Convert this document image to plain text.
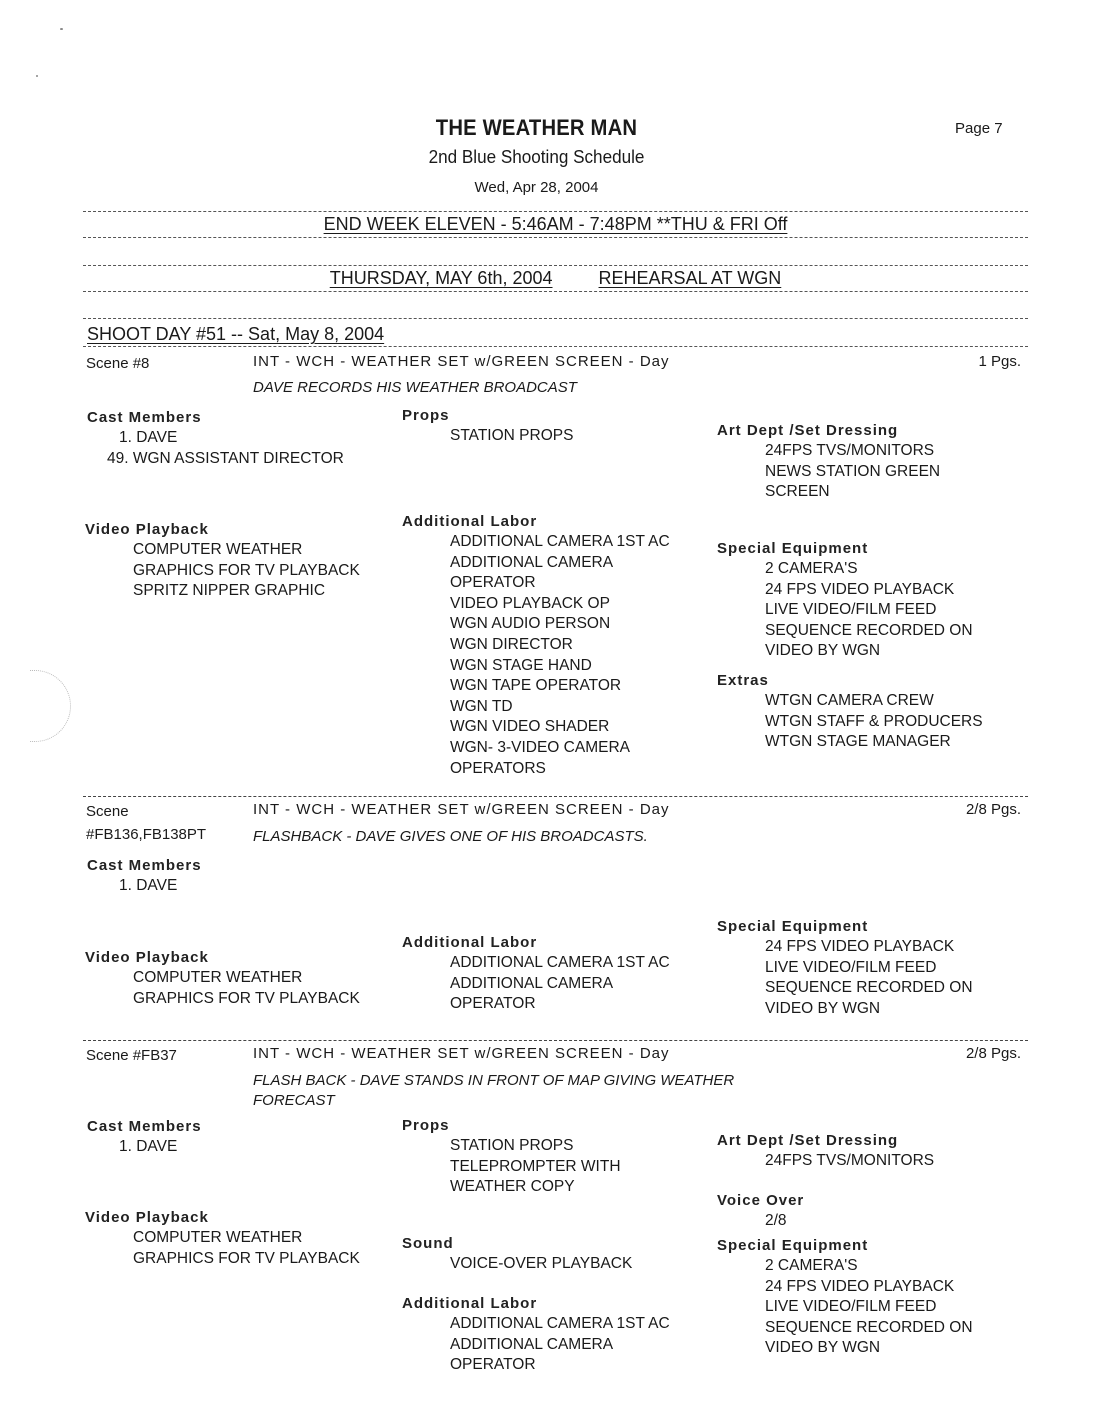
THE WEATHER MAN
2nd Blue Shooting Schedule
Wed, Apr 28, 2004
Page 7
END WEEK ELEVEN - 5:46AM - 7:48PM **THU & FRI Off
THURSDAY, MAY 6th, 2004	REHEARSAL AT WGN
SHOOT DAY #51 -- Sat, May 8, 2004
Scene #8	INT - WCH - WEATHER SET w/GREEN SCREEN - Day	1 Pgs.
DAVE RECORDS HIS WEATHER BROADCAST
Cast Members
1. DAVE
49. WGN ASSISTANT DIRECTOR
Props
STATION PROPS	Art Dept /Set Dressing
24FPS TVS/MONITORS
NEWS STATION GREEN
SCREEN
Video Playback
COMPUTER WEATHER
GRAPHICS FOR TV PLAYBACK
SPRITZ NIPPER GRAPHIC
Additional Labor
ADDITIONAL CAMERA 1ST AC
ADDITIONAL CAMERA
OPERATOR
VIDEO PLAYBACK OP
WGN AUDIO PERSON
WGN DIRECTOR
WGN STAGE HAND
WGN TAPE OPERATOR
WGN TD
WGN VIDEO SHADER
WGN- 3-VIDEO CAMERA
OPERATORS
Special Equipment
2 CAMERA'S
24 FPS VIDEO PLAYBACK
LIVE VIDEO/FILM FEED
SEQUENCE RECORDED ON
VIDEO BY WGN
Extras
WTGN CAMERA CREW
WTGN STAFF & PRODUCERS
WTGN STAGE MANAGER
Scene
#FB136,FB138PT
INT - WCH - WEATHER SET w/GREEN SCREEN - Day	2/8 Pgs.
FLASHBACK - DAVE GIVES ONE OF HIS BROADCASTS.
Cast Members
1. DAVE
Video Playback
COMPUTER WEATHER
GRAPHICS FOR TV PLAYBACK
Additional Labor
ADDITIONAL CAMERA 1ST AC
ADDITIONAL CAMERA
OPERATOR
Special Equipment
24 FPS VIDEO PLAYBACK
LIVE VIDEO/FILM FEED
SEQUENCE RECORDED ON
VIDEO BY WGN
Scene #FB37	INT - WCH - WEATHER SET w/GREEN SCREEN - Day	2/8 Pgs.
FLASH BACK - DAVE STANDS IN FRONT OF MAP GIVING WEATHER FORECAST
Cast Members
1. DAVE
Props
STATION PROPS
TELEPROMPTER WITH
WEATHER COPY
Art Dept /Set Dressing
24FPS TVS/MONITORS
Voice Over
2/8
Video Playback
COMPUTER WEATHER
GRAPHICS FOR TV PLAYBACK
Sound
VOICE-OVER PLAYBACK
Special Equipment
2 CAMERA'S
24 FPS VIDEO PLAYBACK
LIVE VIDEO/FILM FEED
SEQUENCE RECORDED ON
VIDEO BY WGN
Additional Labor
ADDITIONAL CAMERA 1ST AC
ADDITIONAL CAMERA
OPERATOR
